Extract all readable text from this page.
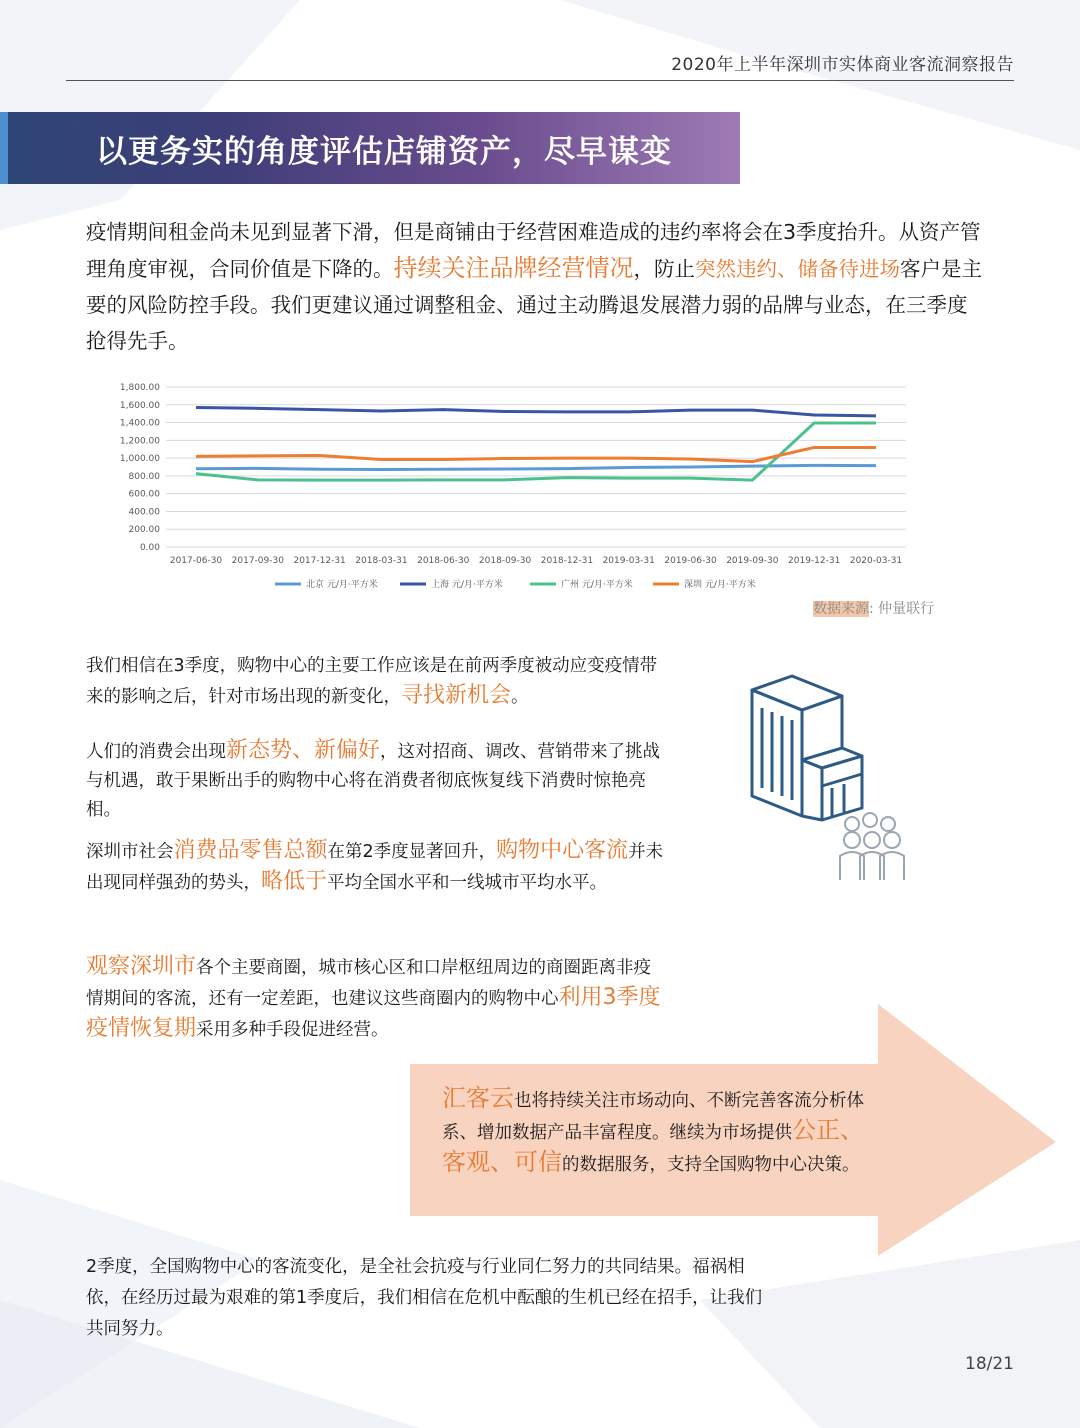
2020年上半年深圳市实体商业客流洞察报告
以更务实的角度评估店铺资产，尽早谋变
疫情期间租金尚未见到显著下滑，但是商铺由于经营困难造成的违约率将会在3季度抬升。从资产管理角度审视，合同价值是下降的。持续关注品牌经营情况，防止突然违约、储备待进场客户是主要的风险防控手段。我们更建议通过调整租金、通过主动腾退发展潜力弱的品牌与业态，在三季度抢得先手。
0.00
200.00
400.00
600.00
800.00
1,000.00
1,200.00
1,400.00
1,600.00
1,800.00
2017-06-30 2017-09-30 2017-12-31 2018-03-31 2018-06-30 2018-09-30 2018-12-31 2019-03-31 2019-06-30 2019-09-30 2019-12-31 2020-03-31
北京 元/月·平方米	上海 元/月·平方米	广州 元/月·平方米	深圳 元/月·平方米
数据来源: 仲量联行
我们相信在3季度，购物中心的主要工作应该是在前两季度被动应变疫情带来的影响之后，针对市场出现的新变化，寻找新机会。
人们的消费会出现新态势、新偏好，这对招商、调改、营销带来了挑战与机遇，敢于果断出手的购物中心将在消费者彻底恢复线下消费时惊艳亮相。
深圳市社会消费品零售总额在第2季度显著回升，购物中心客流并未出现同样强劲的势头，略低于平均全国水平和一线城市平均水平。
观察深圳市各个主要商圈，城市核心区和口岸枢纽周边的商圈距离非疫情期间的客流，还有一定差距，也建议这些商圈内的购物中心利用3季度疫情恢复期采用多种手段促进经营。
汇客云也将持续关注市场动向、不断完善客流分析体系、增加数据产品丰富程度。继续为市场提供公正、客观、可信的数据服务，支持全国购物中心决策。
2季度，全国购物中心的客流变化，是全社会抗疫与行业同仁努力的共同结果。福祸相依，在经历过最为艰难的第1季度后，我们相信在危机中酝酿的生机已经在招手，让我们共同努力。
18/21
